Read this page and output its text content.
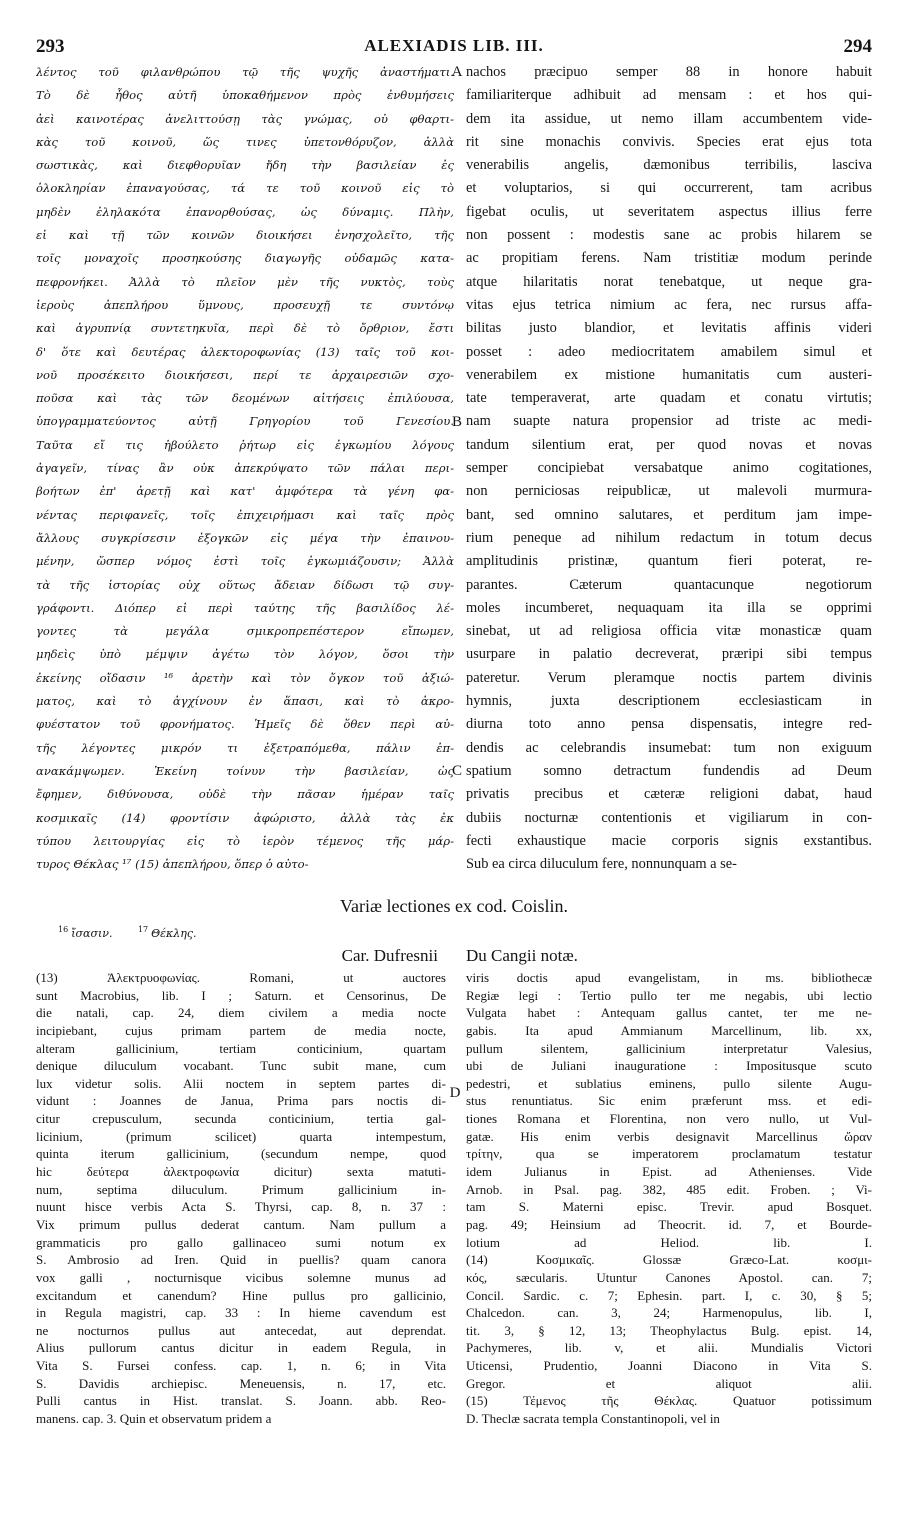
293	ALEXIADIS LIB. III.	294
λέντος τοῦ φιλανθρώπου τῷ τῆς ψυχῆς ἀναστήματι.
Τὸ δὲ ἦθος αὐτῆ ὑποκαθήμενον πρὸς ἐνθυμήσεις
ἀεὶ καινοτέρας ἀνελιττούσῃ τὰς γνώμας, οὐ φθαρτι-
κὰς τοῦ κοινοῦ, ὥς τινες ὑπετονθόρυζον, ἀλλὰ
σωστικὰς, καὶ διεφθορυῖαν ἤδη τὴν βασιλείαν ἐς
ὁλοκληρίαν ἐπαναγούσας, τά τε τοῦ κοινοῦ εἰς τὸ
μηδὲν ἐληλακότα ἐπανορθούσας, ὡς δύναμις. Πλὴν,
εἰ καὶ τῇ τῶν κοινῶν διοικήσει ἐνησχολεῖτο, τῆς
τοῖς μοναχοῖς προσηκούσης διαγωγῆς οὐδαμῶς κατα-
πεφρονήκει. Ἀλλὰ τὸ πλεῖον μὲν τῆς νυκτὸς, τοὺς
ἱεροὺς ἀπεπλήρου ὕμνους, προσευχῇ τε συντόνῳ
καὶ ἀγρυπνίᾳ συντετηκυῖα, περὶ δὲ τὸ ὄρθριον, ἔστι
δ' ὅτε καὶ δευτέρας ἀλεκτοροφωνίας (13) ταῖς τοῦ κοι-
νοῦ προσέκειτο διοικήσεσι, περί τε ἀρχαιρεσιῶν σχο-
ποῦσα καὶ τὰς τῶν δεομένων αἰτήσεις ἐπιλύουσα,
ὑπογραμματεύοντος αὐτῇ Γρηγορίου τοῦ Γενεσίου.
Ταῦτα εἴ τις ἠβούλετο ῥήτωρ εἰς ἐγκωμίου λόγους
ἀγαγεῖν, τίνας ἂν οὐκ ἀπεκρύψατο τῶν πάλαι περι-
βοήτων ἐπ' ἀρετῇ καὶ κατ' ἀμφότερα τὰ γένη φα-
νέντας περιφανεῖς, τοῖς ἐπιχειρήμασι καὶ ταῖς πρὸς
ἄλλους συγκρίσεσιν ἐξογκῶν εἰς μέγα τὴν ἐπαινου-
μένην, ὥσπερ νόμος ἐστὶ τοῖς ἐγκωμιάζουσιν; Ἀλλὰ
τὰ τῆς ἱστορίας οὐχ οὕτως ἄδειαν δίδωσι τῷ συγ-
γράφοντι. Διόπερ εἰ περὶ ταύτης τῆς βασιλίδος λέ-
γοντες τὰ μεγάλα σμικροπρεπέστερον εἴπωμεν,
μηδεὶς ὑπὸ μέμψιν ἀγέτω τὸν λόγον, ὅσοι τὴν
ἐκείνης οἴδασιν ¹⁶ ἀρετὴν καὶ τὸν ὄγκον τοῦ ἀξιώ-
ματος, καὶ τὸ ἀγχίνουν ἐν ἅπασι, καὶ τὸ ἀκρο-
φυέστατον τοῦ φρονήματος. Ἡμεῖς δὲ ὅθεν περὶ αὐ-
τῆς λέγοντες μικρόν τι ἐξετραπόμεθα, πάλιν ἐπ-
ανακάμψωμεν. Ἐκείνη τοίνυν τὴν βασιλείαν, ὡς
ἔφημεν, διθύνουσα, οὐδὲ τὴν πᾶσαν ἡμέραν ταῖς
κοσμικαῖς (14) φροντίσιν ἀφώριστο, ἀλλὰ τὰς ἐκ
τύπου λειτουργίας εἰς τὸ ἱερὸν τέμενος τῆς μάρ-
τυρος Θέκλας ¹⁷ (15) ἀπεπλήρου, ὅπερ ὁ αὐτο-
nachos præcipuo semper 88 in honore habuit
familiariterque adhibuit ad mensam : et hos qui-
dem ita assidue, ut nemo illam accumbentem vide-
rit sine monachis convivis. Species erat ejus tota
venerabilis angelis, dæmonibus terribilis, lasciva
et voluptarios, si qui occurrerent, tam acribus
figebat oculis, ut severitatem aspectus illius ferre
non possent : modestis sane ac probis hilarem se
ac propitiam ferens. Nam tristitiæ modum perinde
atque hilaritatis norat tenebatque, ut neque gra-
vitas ejus tetrica nimium ac fera, nec rursus affa-
bilitas justo blandior, et levitatis affinis videri
posset : adeo mediocritatem amabilem simul et
venerabilem ex mistione humanitatis cum austeri-
tate temperaverat, arte quadam et conatu virtutis;
nam suapte natura propensior ad triste ac medi-
tandum silentium erat, per quod novas et novas
semper concipiebat versabatque animo cogitationes,
non perniciosas reipublicæ, ut malevoli murmura-
bant, sed omnino salutares, et perditum jam impe-
rium peneque ad nihilum redactum in totum decus
amplitudinis pristinæ, quantum fieri poterat, re-
parantes. Cæterum quantacunque negotiorum
moles incumberet, nequaquam ita illa se opprimi
sinebat, ut ad religiosa officia vitæ monasticæ quam
usurpare in palatio decreverat, præripi sibi tempus
pateretur. Verum pleramque noctis partem divinis
hymnis, juxta descriptionem ecclesiasticam in
diurna toto anno pensa dispensatis, integre red-
dendis ac celebrandis insumebat: tum non exiguum
spatium somno detractum fundendis ad Deum
privatis precibus et cæteræ religioni dabat, haud
dubiis nocturnæ contentionis et vigiliarum in con-
fecti exhaustique macie corporis signis exstantibus.
Sub ea circa diluculum fere, nonnunquam a se-
A
B
C
D
Variæ lectiones ex cod. Coislin.
$^{16}$ ἴσασιν.	$^{17}$ Θέκλης.
Car. Dufresnii Du Cangii notæ.
(13) Ἀλεκτρυοφωνίας. Romani, ut auctores
sunt Macrobius, lib. I ; Saturn. et Censorinus, De
die natali, cap. 24, diem civilem a media nocte
incipiebant, cujus primam partem de media nocte,
alteram gallicinium, tertiam conticinium, quartam
denique diluculum vocabant. Tunc subit mane, cum
lux videtur solis. Alii noctem in septem partes di-
vidunt : Joannes de Janua, Prima pars noctis di-
citur crepusculum, secunda conticinium, tertia gal-
licinium, (primum scilicet) quarta intempestum,
quinta iterum gallicinium, (secundum nempe, quod
hic δεύτερα ἀλεκτροφωνία dicitur) sexta matuti-
num, septima diluculum. Primum gallicinium in-
nuunt hisce verbis Acta S. Thyrsi, cap. 8, n. 37 :
Vix primum pullus dederat cantum. Nam pullum a
grammaticis pro gallo gallinaceo sumi notum ex
S. Ambrosio ad Iren. Quid in puellis? quam canora
vox galli , nocturnisque vicibus solemne munus ad
excitandum et canendum? Hine pullus pro gallicinio,
in Regula magistri, cap. 33 : In hieme cavendum est
ne nocturnos pullus aut antecedat, aut deprendat.
Alius pullorum cantus dicitur in eadem Regula, in
Vita S. Fursei confess. cap. 1, n. 6; in Vita
S. Davidis archiepisc. Meneuensis, n. 17, etc.
Pulli cantus in Hist. translat. S. Joann. abb. Reo-
manens. cap. 3. Quin et observatum pridem a
viris doctis apud evangelistam, in ms. bibliothecæ
Regiæ legi : Tertio pullo ter me negabis, ubi lectio
Vulgata habet : Antequam gallus cantet, ter me ne-
gabis. Ita apud Ammianum Marcellinum, lib. xx,
pullum silentem, gallicinium interpretatur Valesius,
ubi de Juliani inauguratione : Impositusque scuto
pedestri, et sublatius eminens, pullo silente Augu-
stus renuntiatus. Sic enim præferunt mss. et edi-
tiones Romana et Florentina, non vero nullo, ut Vul-
gatæ. His enim verbis designavit Marcellinus ὥραν
τρίτην, qua se imperatorem proclamatum testatur
idem Julianus in Epist. ad Athenienses. Vide
Arnob. in Psal. pag. 382, 485 edit. Froben. ; Vi-
tam S. Materni episc. Trevir. apud Bosquet.
pag. 49; Heinsium ad Theocrit. id. 7, et Bourde-
lotium ad Heliod. lib. I.
(14) Κοσμικαῖς. Glossæ Græco-Lat. κοσμι-
κός, sæcularis. Utuntur Canones Apostol. can. 7;
Concil. Sardic. c. 7; Ephesin. part. I, c. 30, § 5;
Chalcedon. can. 3, 24; Harmenopulus, lib. I,
tit. 3, § 12, 13; Theophylactus Bulg. epist. 14,
Pachymeres, lib. v, et alii. Mundialis Victori
Uticensi, Prudentio, Joanni Diacono in Vita S.
Gregor. et aliquot alii.
(15) Τέμενος τῆς Θέκλας. Quatuor potissimum
D. Theclæ sacrata templa Constantinopoli, vel in
